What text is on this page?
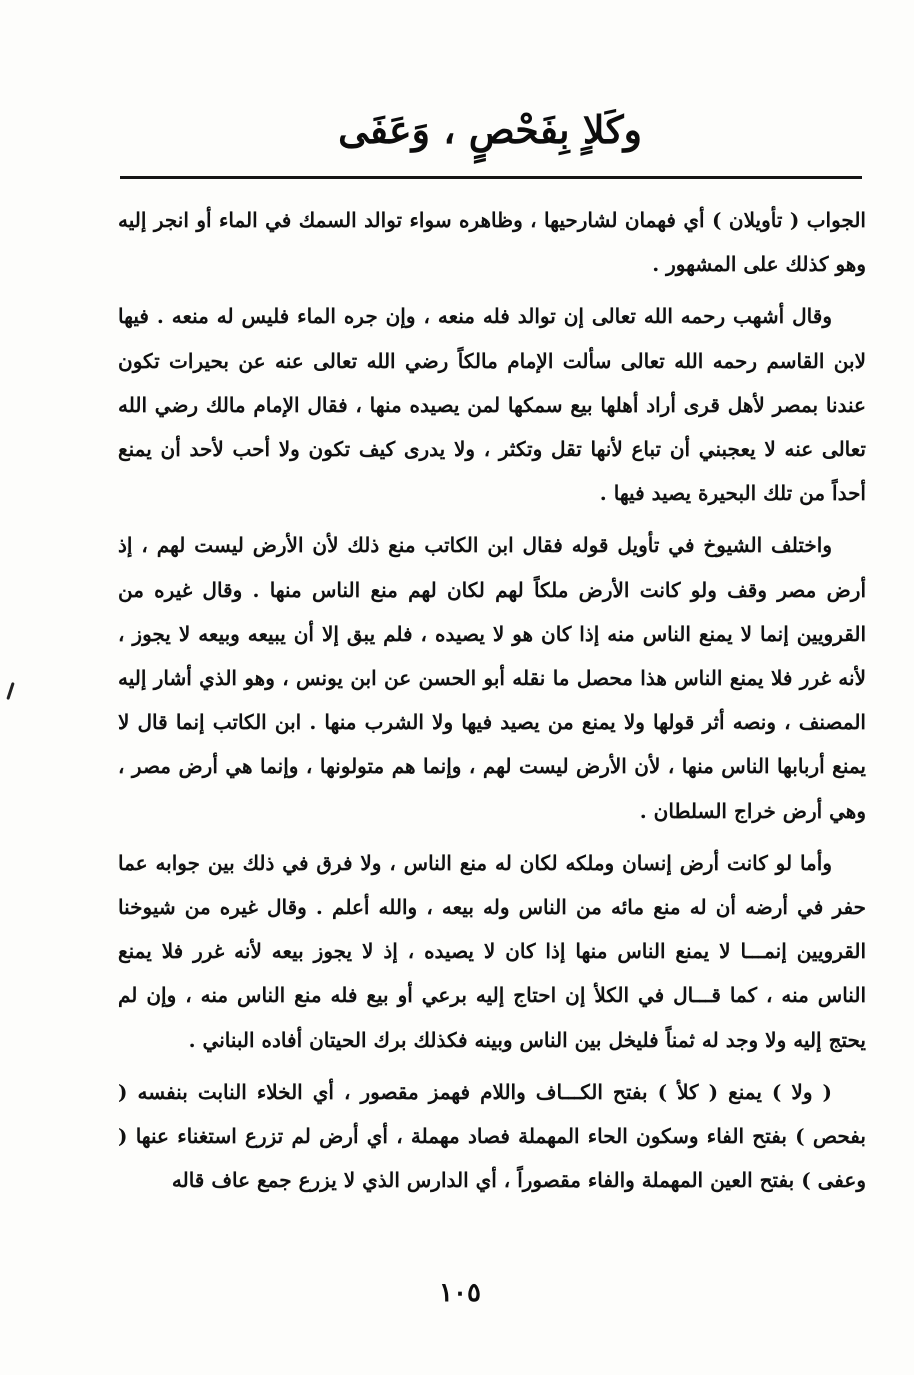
وكَلاٍ بِفَحْصٍ ، وَعَفَى

الجواب ( تأويلان ) أي فهمان لشارحيها ، وظاهره سواء توالد السمك في الماء أو انجر إليه وهو كذلك على المشهور .

وقال أشهب رحمه الله تعالى إن توالد فله منعه ، وإن جره الماء فليس له منعه . فيها لابن القاسم رحمه الله تعالى سألت الإمام مالكاً رضي الله تعالى عنه عن بحيرات تكون عندنا بمصر لأهل قرى أراد أهلها بيع سمكها لمن يصيده منها ، فقال الإمام مالك رضي الله تعالى عنه لا يعجبني أن تباع لأنها تقل وتكثر ، ولا يدرى كيف تكون ولا أحب لأحد أن يمنع أحداً من تلك البحيرة يصيد فيها .

واختلف الشيوخ في تأويل قوله فقال ابن الكاتب منع ذلك لأن الأرض ليست لهم ، إذ أرض مصر وقف ولو كانت الأرض ملكاً لهم لكان لهم منع الناس منها . وقال غيره من القرويين إنما لا يمنع الناس منه إذا كان هو لا يصيده ، فلم يبق إلا أن يبيعه وبيعه لا يجوز ، لأنه غرر فلا يمنع الناس هذا محصل ما نقله أبو الحسن عن ابن يونس ، وهو الذي أشار إليه المصنف ، ونصه أثر قولها ولا يمنع من يصيد فيها ولا الشرب منها . ابن الكاتب إنما قال لا يمنع أربابها الناس منها ، لأن الأرض ليست لهم ، وإنما هم متولونها ، وإنما هي أرض مصر ، وهي أرض خراج السلطان .

وأما لو كانت أرض إنسان وملكه لكان له منع الناس ، ولا فرق في ذلك بين جوابه عما حفر في أرضه أن له منع مائه من الناس وله بيعه ، والله أعلم . وقال غيره من شيوخنا القرويين إنمـــا لا يمنع الناس منها إذا كان لا يصيده ، إذ لا يجوز بيعه لأنه غرر فلا يمنع الناس منه ، كما قـــال في الكلأ إن احتاج إليه برعي أو بيع فله منع الناس منه ، وإن لم يحتج إليه ولا وجد له ثمناً فليخل بين الناس وبينه فكذلك برك الحيتان أفاده البناني .

( ولا ) يمنع ( كلأ ) بفتح الكـــاف واللام فهمز مقصور ، أي الخلاء النابت بنفسه ( بفحص ) بفتح الفاء وسكون الحاء المهملة فصاد مهملة ، أي أرض لم تزرع استغناء عنها ( وعفى ) بفتح العين المهملة والفاء مقصوراً ، أي الدارس الذي لا يزرع جمع عاف قاله

١٠٥
